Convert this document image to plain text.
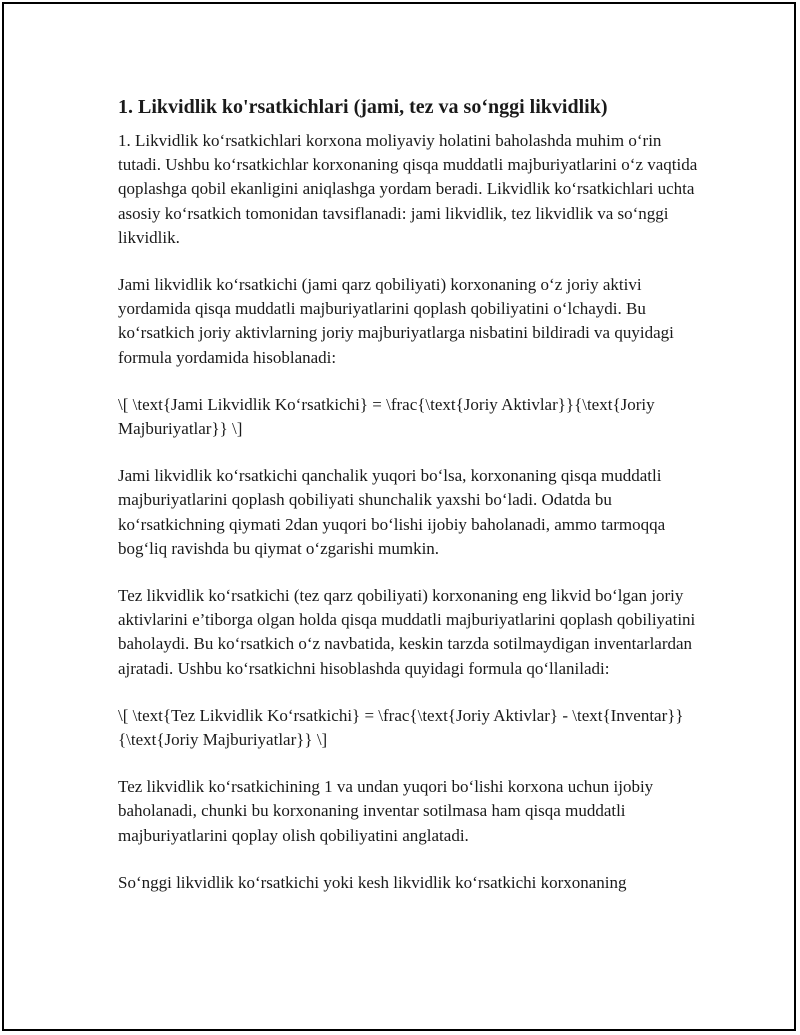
1. Likvidlik ko'rsatkichlari (jami, tez va so‘nggi likvidlik)

1. Likvidlik ko‘rsatkichlari korxona moliyaviy holatini baholashda muhim o‘rin tutadi. Ushbu ko‘rsatkichlar korxonaning qisqa muddatli majburiyatlarini o‘z vaqtida qoplashga qobil ekanligini aniqlashga yordam beradi. Likvidlik ko‘rsatkichlari uchta asosiy ko‘rsatkich tomonidan tavsiflanadi: jami likvidlik, tez likvidlik va so‘nggi likvidlik.

Jami likvidlik ko‘rsatkichi (jami qarz qobiliyati) korxonaning o‘z joriy aktivi yordamida qisqa muddatli majburiyatlarini qoplash qobiliyatini o‘lchaydi. Bu ko‘rsatkich joriy aktivlarning joriy majburiyatlarga nisbatini bildiradi va quyidagi formula yordamida hisoblanadi:

\[ \text{Jami Likvidlik Ko‘rsatkichi} = \frac{\text{Joriy Aktivlar}}{\text{Joriy Majburiyatlar}} \]

Jami likvidlik ko‘rsatkichi qanchalik yuqori bo‘lsa, korxonaning qisqa muddatli majburiyatlarini qoplash qobiliyati shunchalik yaxshi bo‘ladi. Odatda bu ko‘rsatkichning qiymati 2dan yuqori bo‘lishi ijobiy baholanadi, ammo tarmoqqa bog‘liq ravishda bu qiymat o‘zgarishi mumkin.

Tez likvidlik ko‘rsatkichi (tez qarz qobiliyati) korxonaning eng likvid bo‘lgan joriy aktivlarini e’tiborga olgan holda qisqa muddatli majburiyatlarini qoplash qobiliyatini baholaydi. Bu ko‘rsatkich o‘z navbatida, keskin tarzda sotilmaydigan inventarlardan ajratadi. Ushbu ko‘rsatkichni hisoblashda quyidagi formula qo‘llaniladi:

\[ \text{Tez Likvidlik Ko‘rsatkichi} = \frac{\text{Joriy Aktivlar} - \text{Inventar}}{\text{Joriy Majburiyatlar}} \]

Tez likvidlik ko‘rsatkichining 1 va undan yuqori bo‘lishi korxona uchun ijobiy baholanadi, chunki bu korxonaning inventar sotilmasa ham qisqa muddatli majburiyatlarini qoplay olish qobiliyatini anglatadi.

So‘nggi likvidlik ko‘rsatkichi yoki kesh likvidlik ko‘rsatkichi korxonaning
